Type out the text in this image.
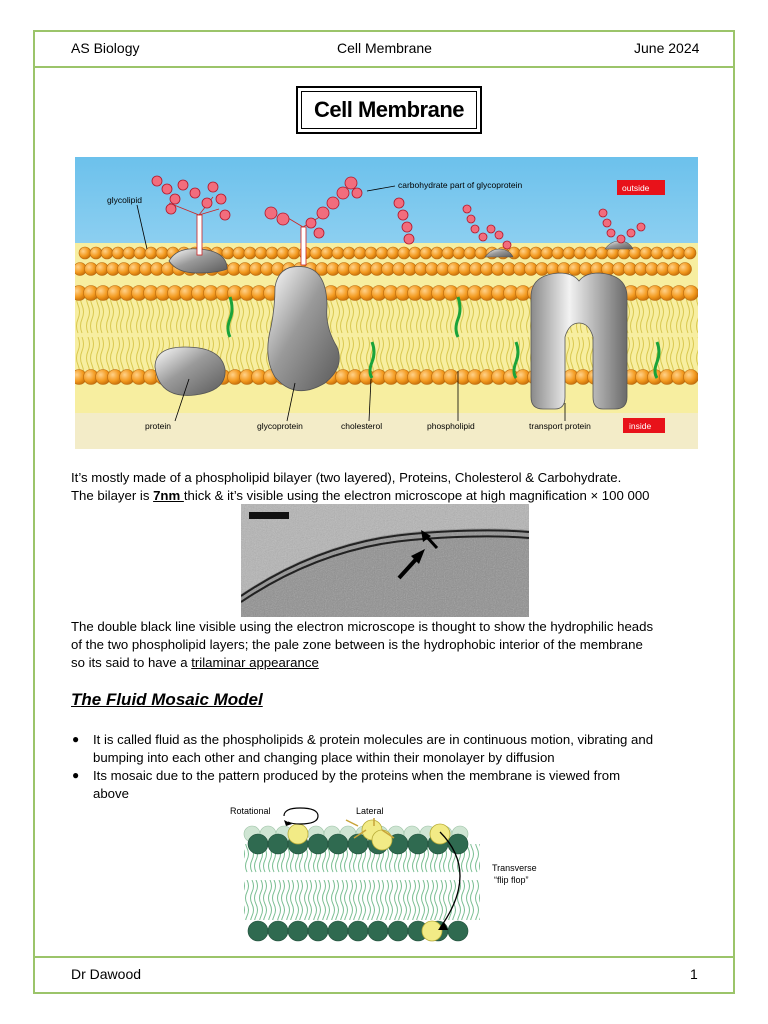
AS Biology	Cell Membrane	June 2024
Cell Membrane
glycolipid
carbohydrate part of glycoprotein	outside
protein	glycoprotein	cholesterol	phospholipid	transport protein	inside
It’s mostly made of a phospholipid bilayer (two layered), Proteins, Cholesterol & Carbohydrate.
The bilayer is 7nm thick & it’s visible using the electron microscope at high magnification × 100 000
The double black line visible using the electron microscope is thought to show the hydrophilic heads
of the two phospholipid layers; the pale zone between is the hydrophobic interior of the membrane
so its said to have a trilaminar appearance
The Fluid Mosaic Model
● It is called fluid as the phospholipids & protein molecules are in continuous motion, vibrating and
bumping into each other and changing place within their monolayer by diffusion
● Its mosaic due to the pattern produced by the proteins when the membrane is viewed from
above
Rotational	Lateral
Transverse
“flip flop”
Dr Dawood	1
